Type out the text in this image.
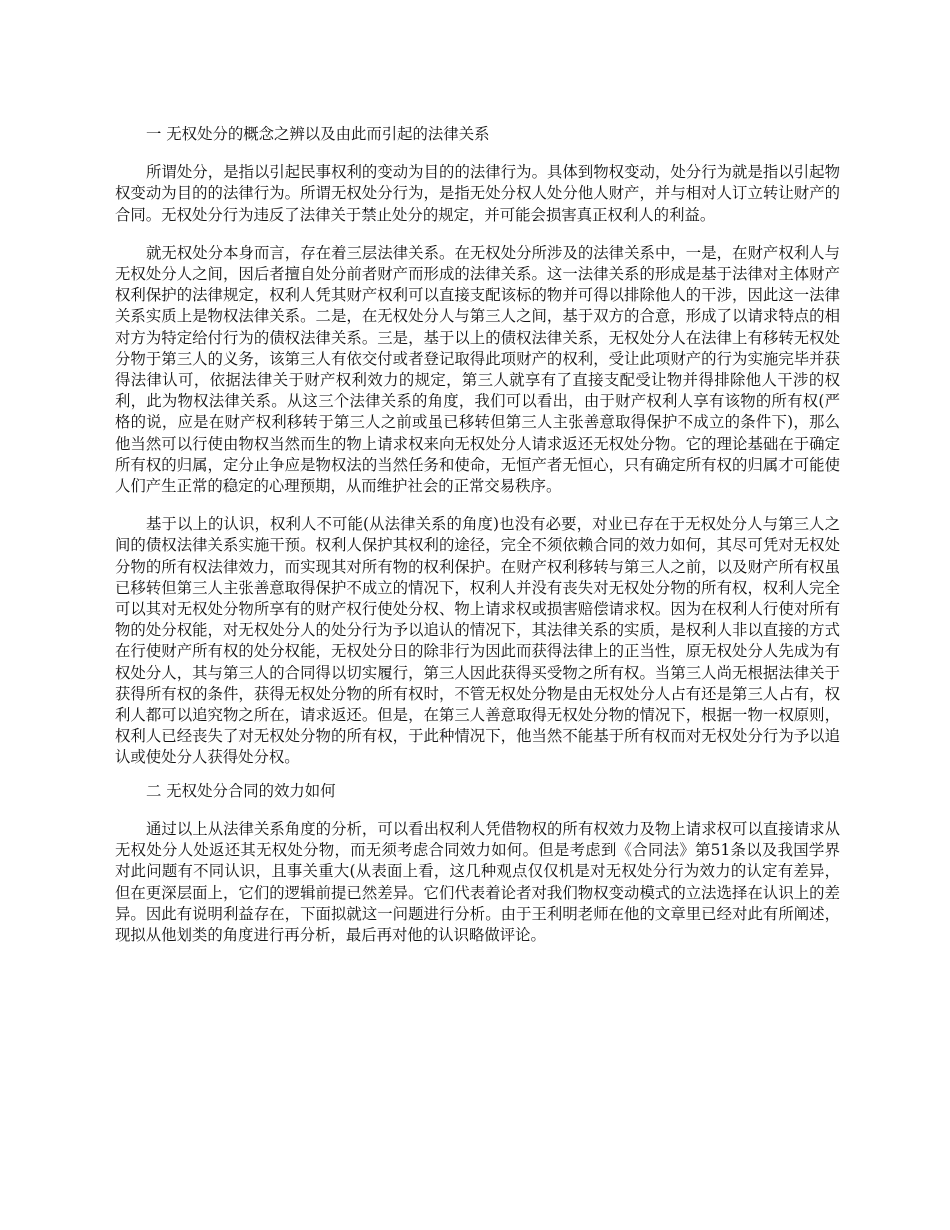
一 无权处分的概念之辨以及由此而引起的法律关系

所谓处分，是指以引起民事权利的变动为目的的法律行为。具体到物权变动，处分行为就是指以引起物权变动为目的的法律行为。所谓无权处分行为，是指无处分权人处分他人财产，并与相对人订立转让财产的合同。无权处分行为违反了法律关于禁止处分的规定，并可能会损害真正权利人的利益。

就无权处分本身而言，存在着三层法律关系。在无权处分所涉及的法律关系中，一是，在财产权利人与无权处分人之间，因后者擅自处分前者财产而形成的法律关系。这一法律关系的形成是基于法律对主体财产权利保护的法律规定，权利人凭其财产权利可以直接支配该标的物并可得以排除他人的干涉，因此这一法律关系实质上是物权法律关系。二是，在无权处分人与第三人之间，基于双方的合意，形成了以请求特点的相对方为特定给付行为的债权法律关系。三是，基于以上的债权法律关系，无权处分人在法律上有移转无权处分物于第三人的义务，该第三人有依交付或者登记取得此项财产的权利，受让此项财产的行为实施完毕并获得法律认可，依据法律关于财产权利效力的规定，第三人就享有了直接支配受让物并得排除他人干涉的权利，此为物权法律关系。从这三个法律关系的角度，我们可以看出，由于财产权利人享有该物的所有权(严格的说，应是在财产权利移转于第三人之前或虽已移转但第三人主张善意取得保护不成立的条件下)，那么他当然可以行使由物权当然而生的物上请求权来向无权处分人请求返还无权处分物。它的理论基础在于确定所有权的归属，定分止争应是物权法的当然任务和使命，无恒产者无恒心，只有确定所有权的归属才可能使人们产生正常的稳定的心理预期，从而维护社会的正常交易秩序。

基于以上的认识，权利人不可能(从法律关系的角度)也没有必要，对业已存在于无权处分人与第三人之间的债权法律关系实施干预。权利人保护其权利的途径，完全不须依赖合同的效力如何，其尽可凭对无权处分物的所有权法律效力，而实现其对所有物的权利保护。在财产权利移转与第三人之前，以及财产所有权虽已移转但第三人主张善意取得保护不成立的情况下，权利人并没有丧失对无权处分物的所有权，权利人完全可以其对无权处分物所享有的财产权行使处分权、物上请求权或损害赔偿请求权。因为在权利人行使对所有物的处分权能，对无权处分人的处分行为予以追认的情况下，其法律关系的实质，是权利人非以直接的方式在行使财产所有权的处分权能，无权处分日的除非行为因此而获得法律上的正当性，原无权处分人先成为有权处分人，其与第三人的合同得以切实履行，第三人因此获得买受物之所有权。当第三人尚无根据法律关于获得所有权的条件，获得无权处分物的所有权时，不管无权处分物是由无权处分人占有还是第三人占有，权利人都可以追究物之所在，请求返还。但是，在第三人善意取得无权处分物的情况下，根据一物一权原则，权利人已经丧失了对无权处分物的所有权，于此种情况下，他当然不能基于所有权而对无权处分行为予以追认或使处分人获得处分权。

二 无权处分合同的效力如何

通过以上从法律关系角度的分析，可以看出权利人凭借物权的所有权效力及物上请求权可以直接请求从无权处分人处返还其无权处分物，而无须考虑合同效力如何。但是考虑到《合同法》第51条以及我国学界对此问题有不同认识，且事关重大(从表面上看，这几种观点仅仅机是对无权处分行为效力的认定有差异，但在更深层面上，它们的逻辑前提已然差异。它们代表着论者对我们物权变动模式的立法选择在认识上的差异。因此有说明利益存在，下面拟就这一问题进行分析。由于王利明老师在他的文章里已经对此有所阐述，现拟从他划类的角度进行再分析，最后再对他的认识略做评论。
